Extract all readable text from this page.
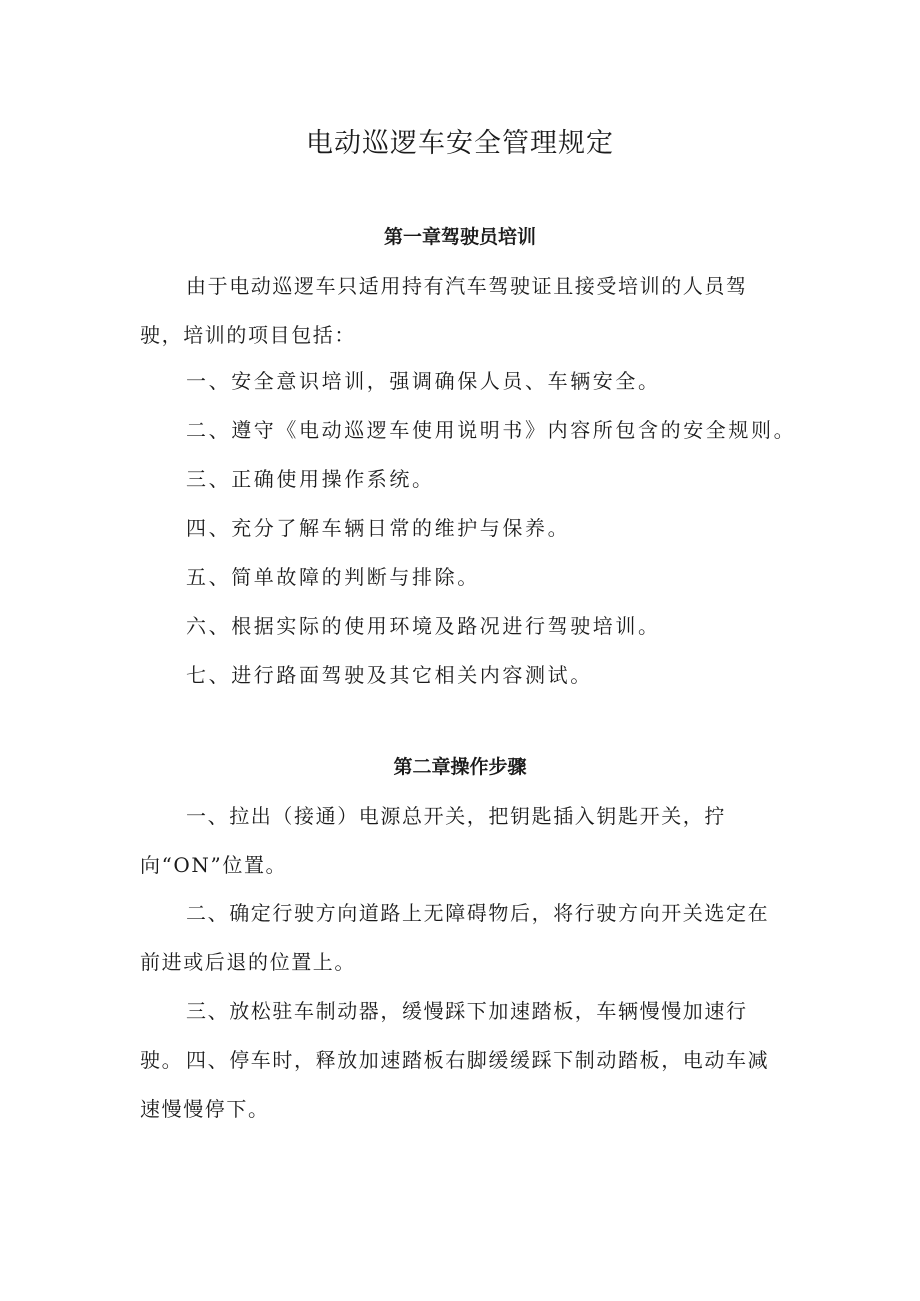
电动巡逻车安全管理规定
第一章驾驶员培训

由于电动巡逻车只适用持有汽车驾驶证且接受培训的人员驾驶，培训的项目包括：

一、安全意识培训，强调确保人员、车辆安全。

二、遵守《电动巡逻车使用说明书》内容所包含的安全规则。

三、正确使用操作系统。

四、充分了解车辆日常的维护与保养。

五、简单故障的判断与排除。

六、根据实际的使用环境及路况进行驾驶培训。

七、进行路面驾驶及其它相关内容测试。

第二章操作步骤

一、拉出（接通）电源总开关，把钥匙插入钥匙开关，拧向“ON”位置。

二、确定行驶方向道路上无障碍物后，将行驶方向开关选定在前进或后退的位置上。

三、放松驻车制动器，缓慢踩下加速踏板，车辆慢慢加速行驶。 四、停车时，释放加速踏板右脚缓缓踩下制动踏板，电动车减速慢慢停下。
